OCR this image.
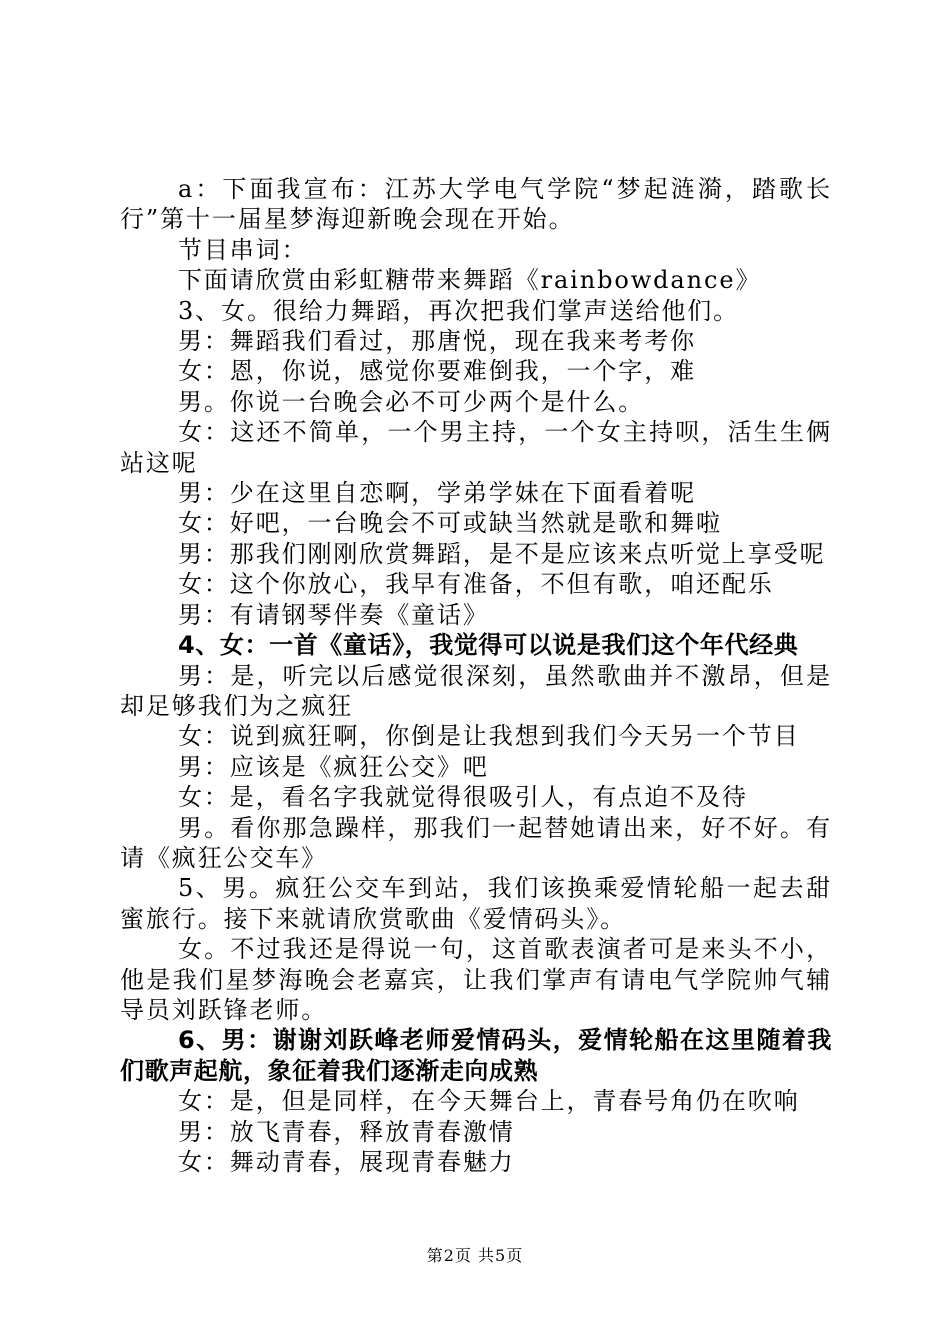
a：下面我宣布：江苏大学电气学院“梦起涟漪，踏歌长行”第十一届星梦海迎新晚会现在开始。

节目串词：

下面请欣赏由彩虹糖带来舞蹈《rainbowdance》

3、女。很给力舞蹈，再次把我们掌声送给他们。

男：舞蹈我们看过，那唐悦，现在我来考考你

女：恩，你说，感觉你要难倒我，一个字，难

男。你说一台晚会必不可少两个是什么。

女：这还不简单，一个男主持，一个女主持呗，活生生俩站这呢

男：少在这里自恋啊，学弟学妹在下面看着呢

女：好吧，一台晚会不可或缺当然就是歌和舞啦

男：那我们刚刚欣赏舞蹈，是不是应该来点听觉上享受呢

女：这个你放心，我早有准备，不但有歌，咱还配乐

男：有请钢琴伴奏《童话》

4、女：一首《童话》，我觉得可以说是我们这个年代经典

男：是，听完以后感觉很深刻，虽然歌曲并不激昂，但是却足够我们为之疯狂

女：说到疯狂啊，你倒是让我想到我们今天另一个节目

男：应该是《疯狂公交》吧

女：是，看名字我就觉得很吸引人，有点迫不及待

男。看你那急躁样，那我们一起替她请出来，好不好。有请《疯狂公交车》

5、男。疯狂公交车到站，我们该换乘爱情轮船一起去甜蜜旅行。接下来就请欣赏歌曲《爱情码头》。

女。不过我还是得说一句，这首歌表演者可是来头不小，他是我们星梦海晚会老嘉宾，让我们掌声有请电气学院帅气辅导员刘跃锋老师。

6、男：谢谢刘跃峰老师爱情码头，爱情轮船在这里随着我们歌声起航，象征着我们逐渐走向成熟

女：是，但是同样，在今天舞台上，青春号角仍在吹响

男：放飞青春，释放青春激情

女：舞动青春，展现青春魅力

第2页 共5页
